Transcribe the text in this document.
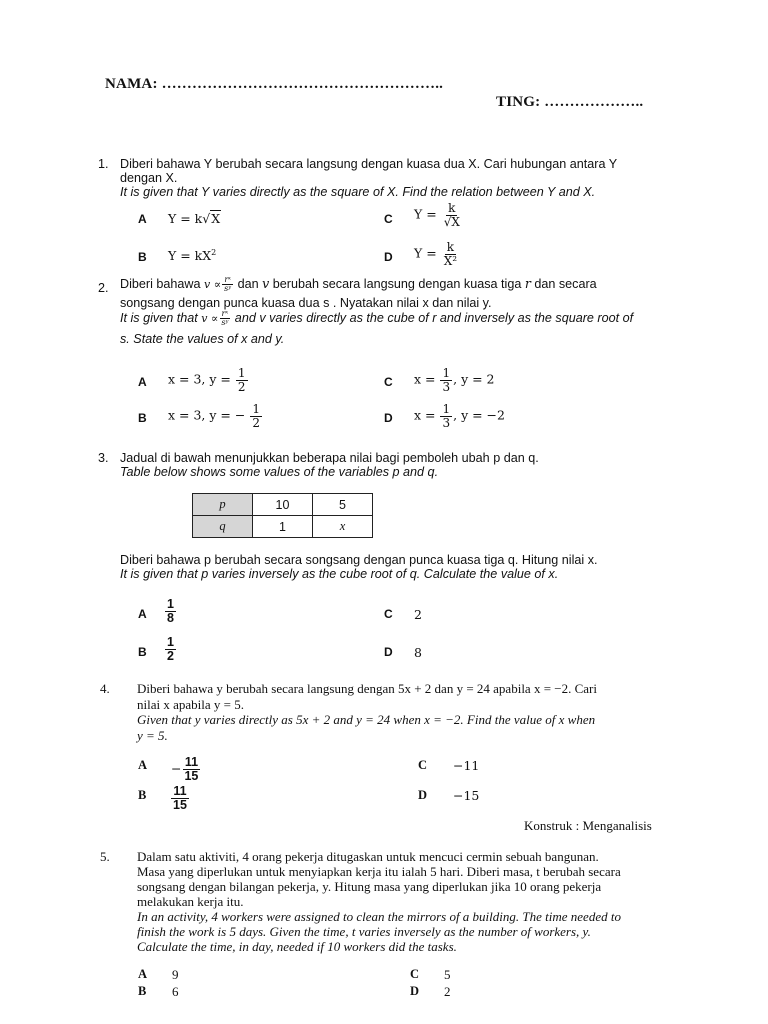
NAMA: ………………………………………………..
TING: ………………..
1. Diberi bahawa Y berubah secara langsung dengan kuasa dua X. Cari hubungan antara Y
dengan X.
It is given that Y varies directly as the square of X. Find the relation between Y and X.
A Y = k√X
B $Y = kX^2$
C $Y = \frac{k}{√X}$
D $Y = \frac{k}{\text{X²}}$
2. Diberi bahawa $v \propto \frac{\text{rˣ}}{\text{sʸ}}$ dan v berubah secara langsung dengan kuasa tiga r dan secara
songsang dengan punca kuasa dua s . Nyatakan nilai x dan nilai y.
It is given that $v \propto \frac{\text{rˣ}}{\text{sʸ}}$ and v varies directly as the cube of r and inversely as the square root of
s. State the values of x and y.
A x = 3, $y = \frac{1}{2}$
B x = 3, y = − $\frac{1}{2}$
C $x = \frac{1}{3}$ , y = 2
D $x = \frac{1}{3}$ , y = −2
3. Jadual di bawah menunjukkan beberapa nilai bagi pemboleh ubah p dan q.
Table below shows some values of the variables p and q.
p	10	5
q	1	x
Diberi bahawa p berubah secara songsang dengan punca kuasa tiga q. Hitung nilai x.
It is given that p varies inversely as the cube root of q. Calculate the value of x.
A $\frac{1}{8}$
B $\frac{1}{2}$
C 2
D 8
4. Diberi bahawa y berubah secara langsung dengan 5x + 2 dan y = 24 apabila x = −2. Cari
nilai x apabila y = 5.
Given that y varies directly as 5x + 2 and y = 24 when x = −2. Find the value of x when
y = 5.
$A - \frac{11}{15}$
B $\frac{11}{15}$
C −11
D −15
Konstruk : Menganalisis
5. Dalam satu aktiviti, 4 orang pekerja ditugaskan untuk mencuci cermin sebuah bangunan.
Masa yang diperlukan untuk menyiapkan kerja itu ialah 5 hari. Diberi masa, t berubah secara
songsang dengan bilangan pekerja, y. Hitung masa yang diperlukan jika 10 orang pekerja
melakukan kerja itu.
In an activity, 4 workers were assigned to clean the mirrors of a building. The time needed to
finish the work is 5 days. Given the time, t varies inversely as the number of workers, y.
Calculate the time, in day, needed if 10 workers did the tasks.
A 9
B 6
C 5
D 2
